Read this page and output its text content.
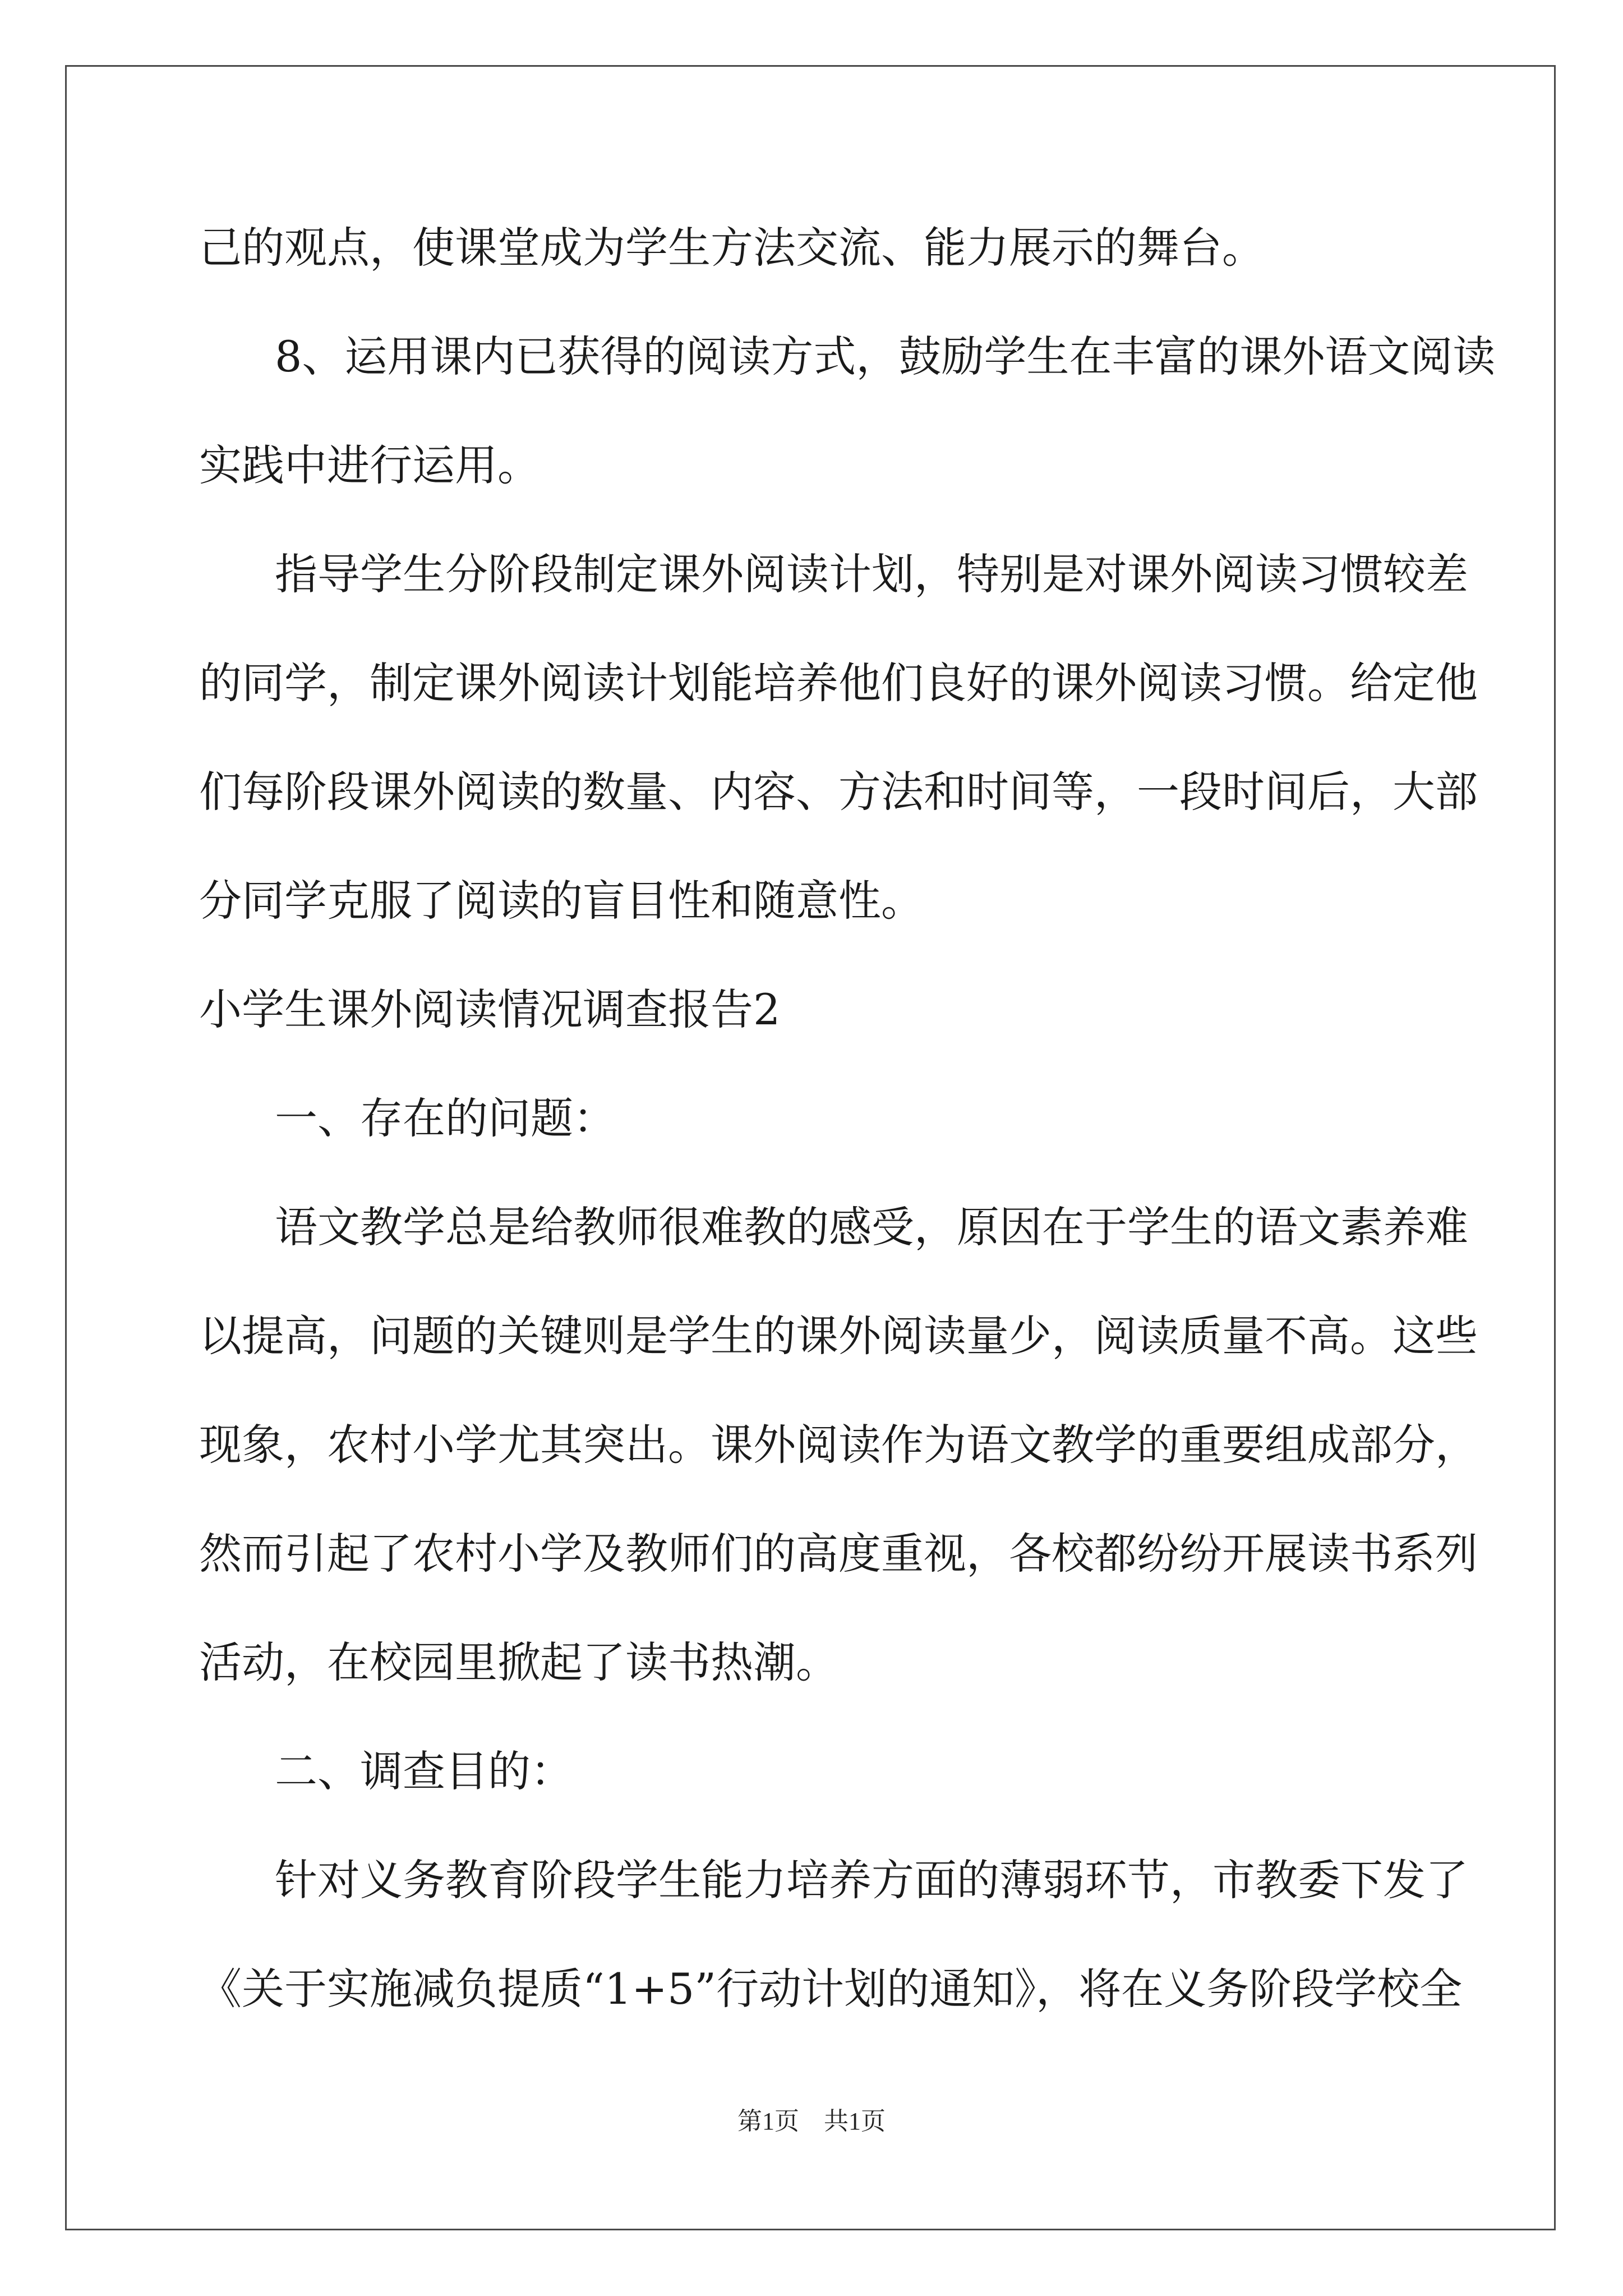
己的观点，使课堂成为学生方法交流、能力展示的舞台。
8、运用课内已获得的阅读方式，鼓励学生在丰富的课外语文阅读
实践中进行运用。
指导学生分阶段制定课外阅读计划，特别是对课外阅读习惯较差
的同学，制定课外阅读计划能培养他们良好的课外阅读习惯。给定他
们每阶段课外阅读的数量、内容、方法和时间等，一段时间后，大部
分同学克服了阅读的盲目性和随意性。
小学生课外阅读情况调查报告2
一、存在的问题：
语文教学总是给教师很难教的感受，原因在于学生的语文素养难
以提高，问题的关键则是学生的课外阅读量少，阅读质量不高。这些
现象，农村小学尤其突出。课外阅读作为语文教学的重要组成部分，
然而引起了农村小学及教师们的高度重视，各校都纷纷开展读书系列
活动，在校园里掀起了读书热潮。
二、调查目的：
针对义务教育阶段学生能力培养方面的薄弱环节，市教委下发了
《关于实施减负提质“1+5”行动计划的通知》，将在义务阶段学校全
第1页　共1页
